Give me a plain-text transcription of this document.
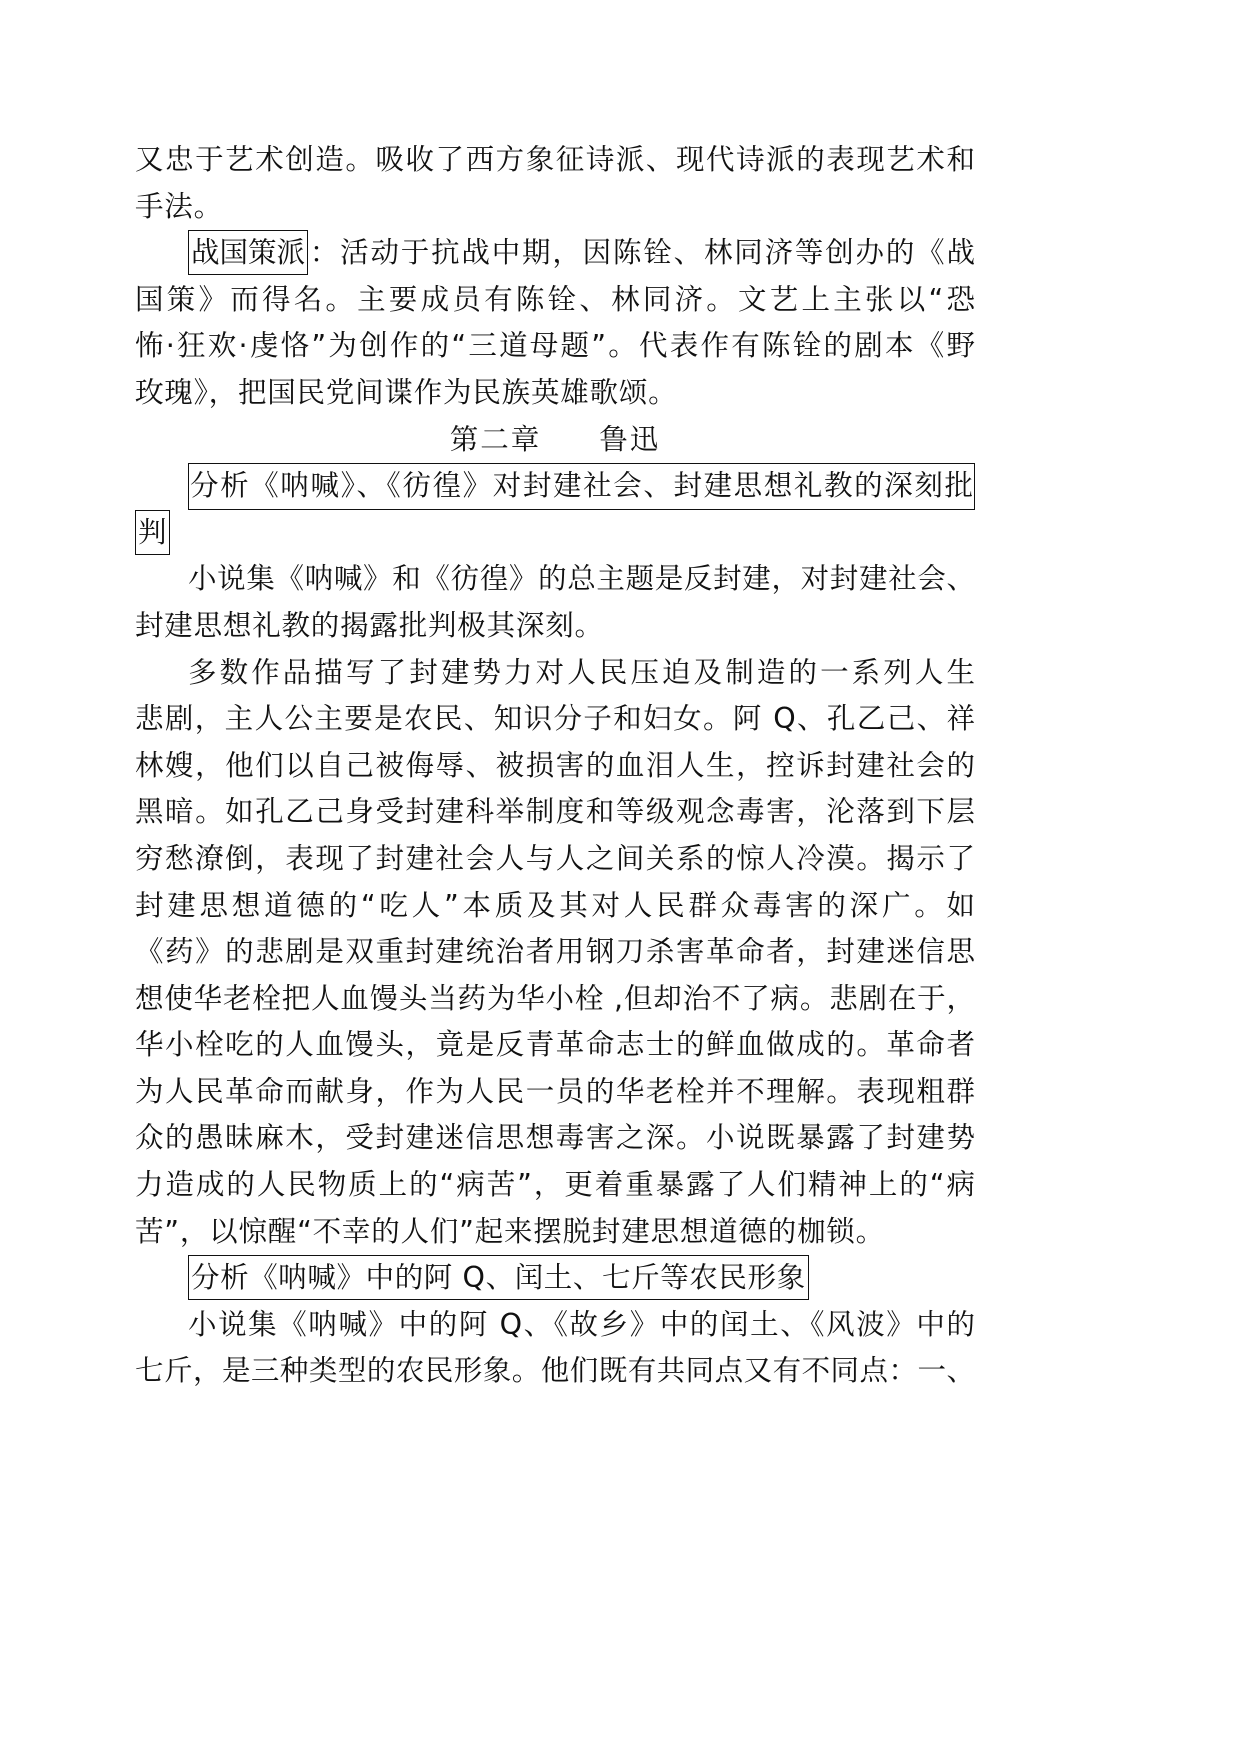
又忠于艺术创造。吸收了西方象征诗派、现代诗派的表现艺术和
手法。
战国策派 ：活动于抗战中期，因陈铨、林同济等创办的《战
国策》而得名。主要成员有陈铨、林同济。文艺上主张以“恐
怖·狂欢·虔恪”为创作的“三道母题”。代表作有陈铨的剧本《野
玫瑰》，把国民党间谍作为民族英雄歌颂。
第二章 鲁迅
分析《呐喊》、《彷徨》对封建社会、封建思想礼教的深刻批
判
小说集《呐喊》和《彷徨》的总主题是反封建，对封建社会、
封建思想礼教的揭露批判极其深刻。
多数作品描写了封建势力对人民压迫及制造的一系列人生
悲剧，主人公主要是农民、知识分子和妇女。阿 Q、孔乙己、祥
林嫂，他们以自己被侮辱、被损害的血泪人生，控诉封建社会的
黑暗。如孔乙己身受封建科举制度和等级观念毒害，沦落到下层
穷愁潦倒，表现了封建社会人与人之间关系的惊人冷漠。揭示了
封建思想道德的“吃人”本质及其对人民群众毒害的深广。如
《药》的悲剧是双重封建统治者用钢刀杀害革命者，封建迷信思
想使华老栓把人血馒头当药为华小栓 ,但却治不了病。悲剧在于，
华小栓吃的人血馒头，竟是反青革命志士的鲜血做成的。革命者
为人民革命而献身，作为人民一员的华老栓并不理解。表现粗群
众的愚昧麻木，受封建迷信思想毒害之深。小说既暴露了封建势
力造成的人民物质上的“病苦”，更着重暴露了人们精神上的“病
苦”，以惊醒“不幸的人们”起来摆脱封建思想道德的枷锁。
分析《呐喊》中的阿 Q、闰土、七斤等农民形象
小说集《呐喊》中的阿 Q、《故乡》中的闰土、《风波》中的
七斤，是三种类型的农民形象。他们既有共同点又有不同点：一、
